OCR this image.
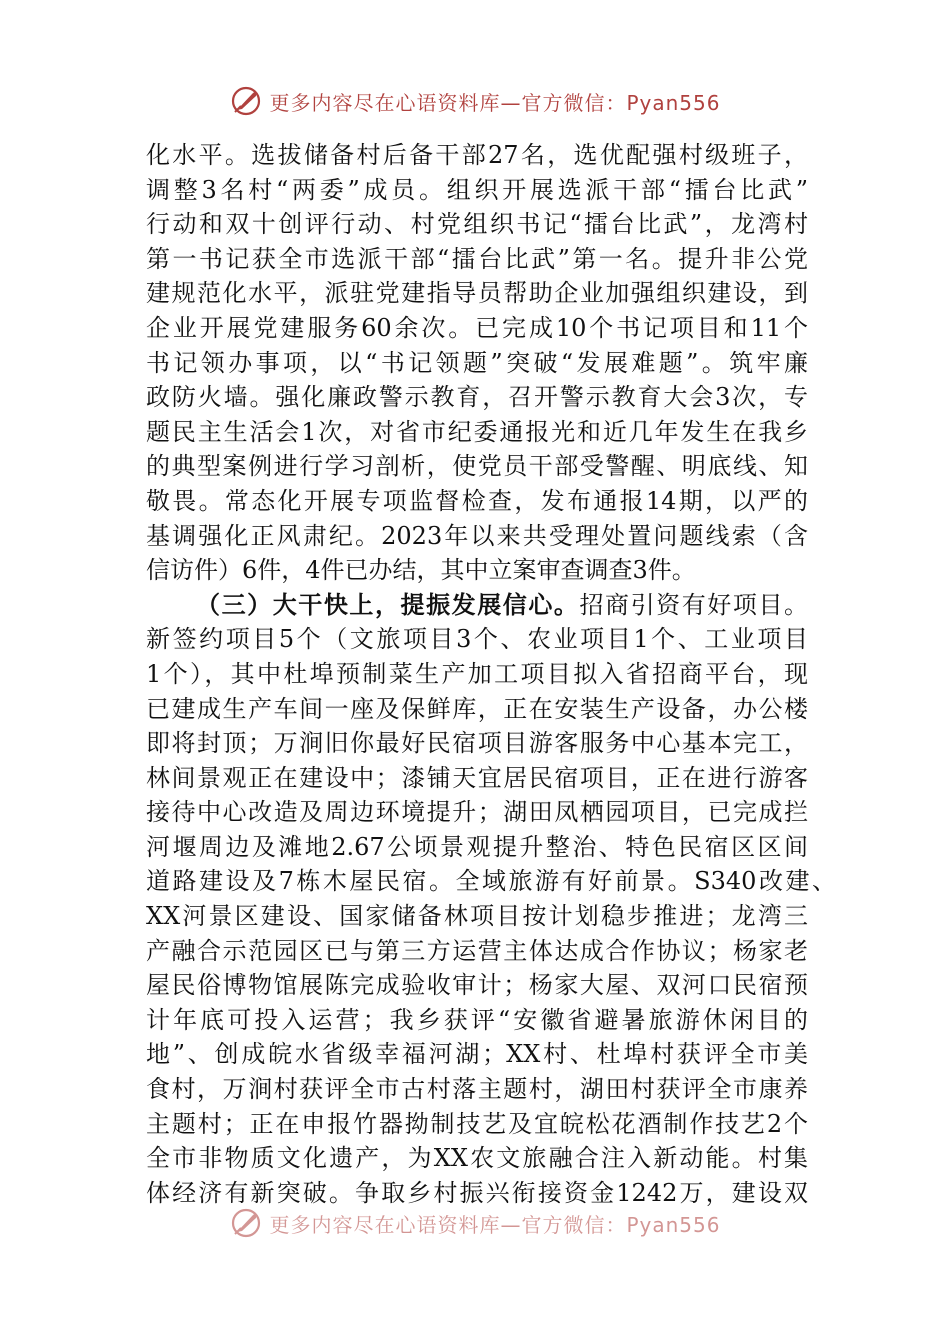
更多内容尽在心语资料库—官方微信：Pyan556
化水平。选拔储备村后备干部27名，选优配强村级班子，
调整3名村“两委”成员。组织开展选派干部“擂台比武”
行动和双十创评行动、村党组织书记“擂台比武”，龙湾村
第一书记获全市选派干部“擂台比武”第一名。提升非公党
建规范化水平，派驻党建指导员帮助企业加强组织建设，到
企业开展党建服务60余次。已完成10个书记项目和11个
书记领办事项，以“书记领题”突破“发展难题”。筑牢廉
政防火墙。强化廉政警示教育，召开警示教育大会3次，专
题民主生活会1次，对省市纪委通报光和近几年发生在我乡
的典型案例进行学习剖析，使党员干部受警醒、明底线、知
敬畏。常态化开展专项监督检查，发布通报14期，以严的
基调强化正风肃纪。2023年以来共受理处置问题线索（含
信访件）6件，4件已办结，其中立案审查调查3件。
（三）大干快上，提振发展信心。招商引资有好项目。
新签约项目5个（文旅项目3个、农业项目1个、工业项目
1个），其中杜埠预制菜生产加工项目拟入省招商平台，现
已建成生产车间一座及保鲜库，正在安装生产设备，办公楼
即将封顶；万涧旧你最好民宿项目游客服务中心基本完工，
林间景观正在建设中；漆铺天宜居民宿项目，正在进行游客
接待中心改造及周边环境提升；湖田凤栖园项目，已完成拦
河堰周边及滩地2.67公顷景观提升整治、特色民宿区区间
道路建设及7栋木屋民宿。全域旅游有好前景。S340改建、
XX河景区建设、国家储备林项目按计划稳步推进；龙湾三
产融合示范园区已与第三方运营主体达成合作协议；杨家老
屋民俗博物馆展陈完成验收审计；杨家大屋、双河口民宿预
计年底可投入运营；我乡获评“安徽省避暑旅游休闲目的
地”、创成皖水省级幸福河湖；XX村、杜埠村获评全市美
食村，万涧村获评全市古村落主题村，湖田村获评全市康养
主题村；正在申报竹器拗制技艺及宜皖松花酒制作技艺2个
全市非物质文化遗产，为XX农文旅融合注入新动能。村集
体经济有新突破。争取乡村振兴衔接资金1242万，建设双
更多内容尽在心语资料库—官方微信：Pyan556
